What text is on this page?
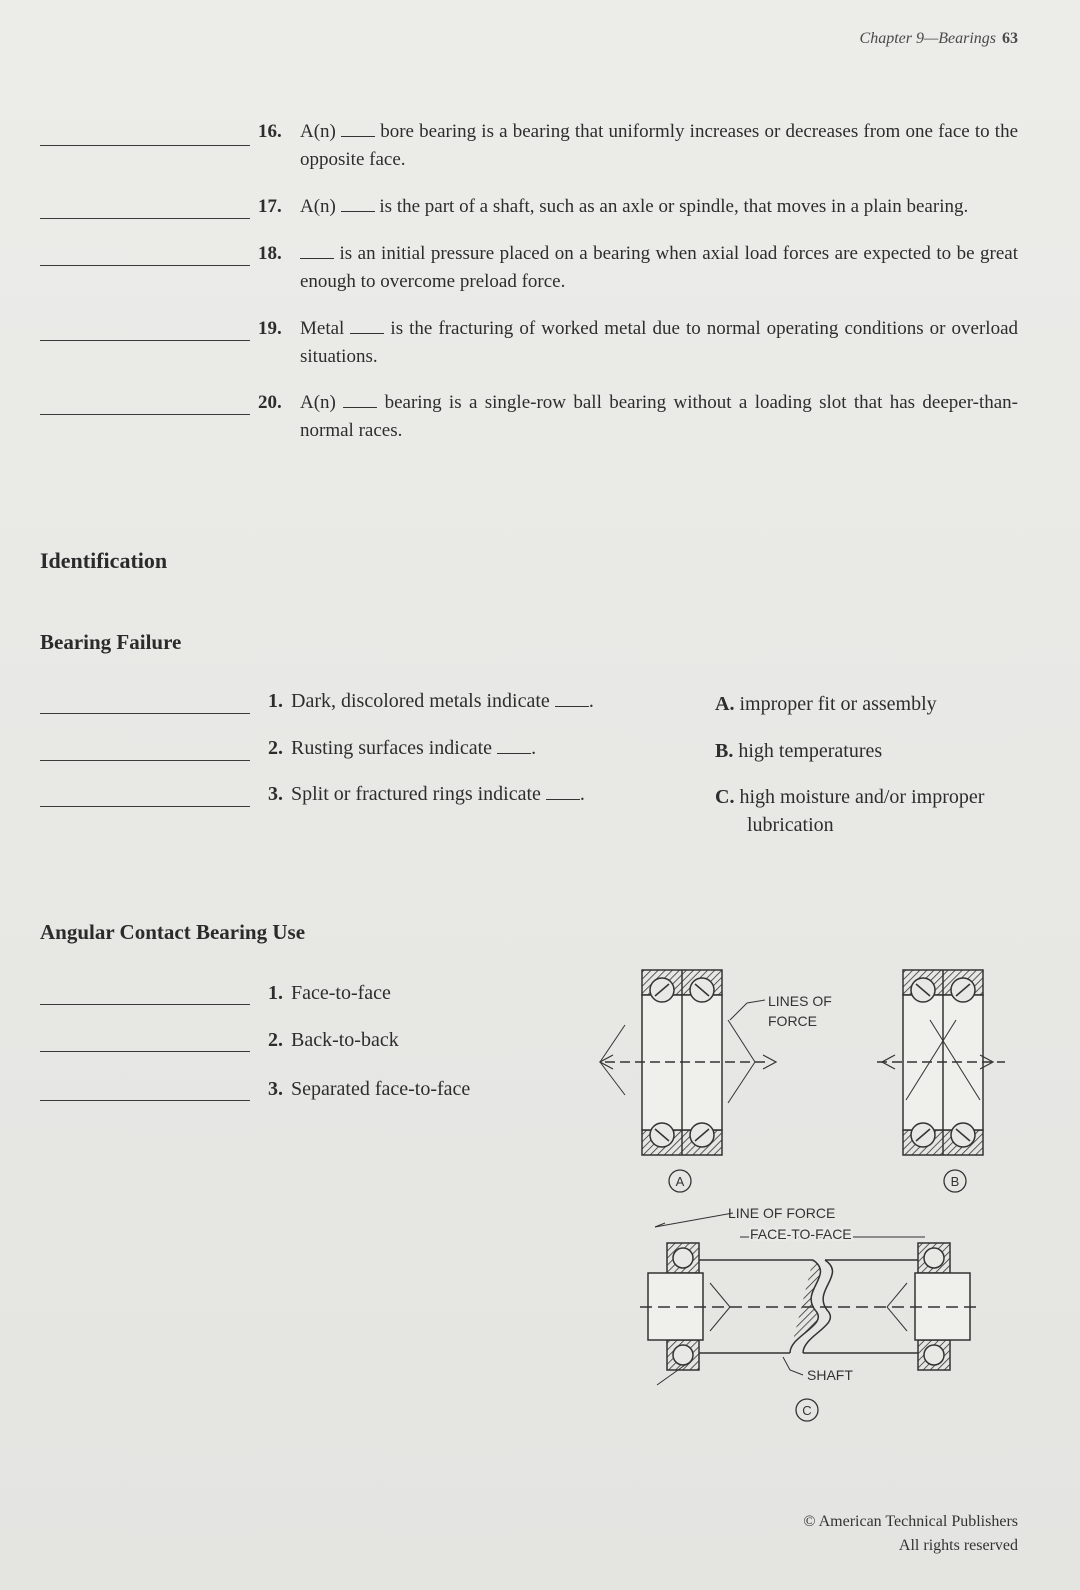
Chapter 9—Bearings 63
16. A(n) bore bearing is a bearing that uniformly increases or decreases from one face to the opposite face.
17. A(n) is the part of a shaft, such as an axle or spindle, that moves in a plain bearing.
18.	is an initial pressure placed on a bearing when axial load forces are expected to be great enough to overcome preload force.
19. Metal is the fracturing of worked metal due to normal operating conditions or overload situations.
20. A(n)	bearing is a single-row ball bearing without a loading slot that has deeper-than-normal races.
Identification
Bearing Failure
1. Dark, discolored metals indicate .
2. Rusting surfaces indicate .
3. Split or fractured rings indicate .
A. improper fit or assembly
B. high temperatures
C. high moisture and/or improper lubrication
Angular Contact Bearing Use
1. Face-to-face
2. Back-to-back
3. Separated face-to-face
A
LINES OF
FORCE
B
LINE OF FORCE
FACE-TO-FACE
SHAFT
C
© American Technical Publishers
All rights reserved
